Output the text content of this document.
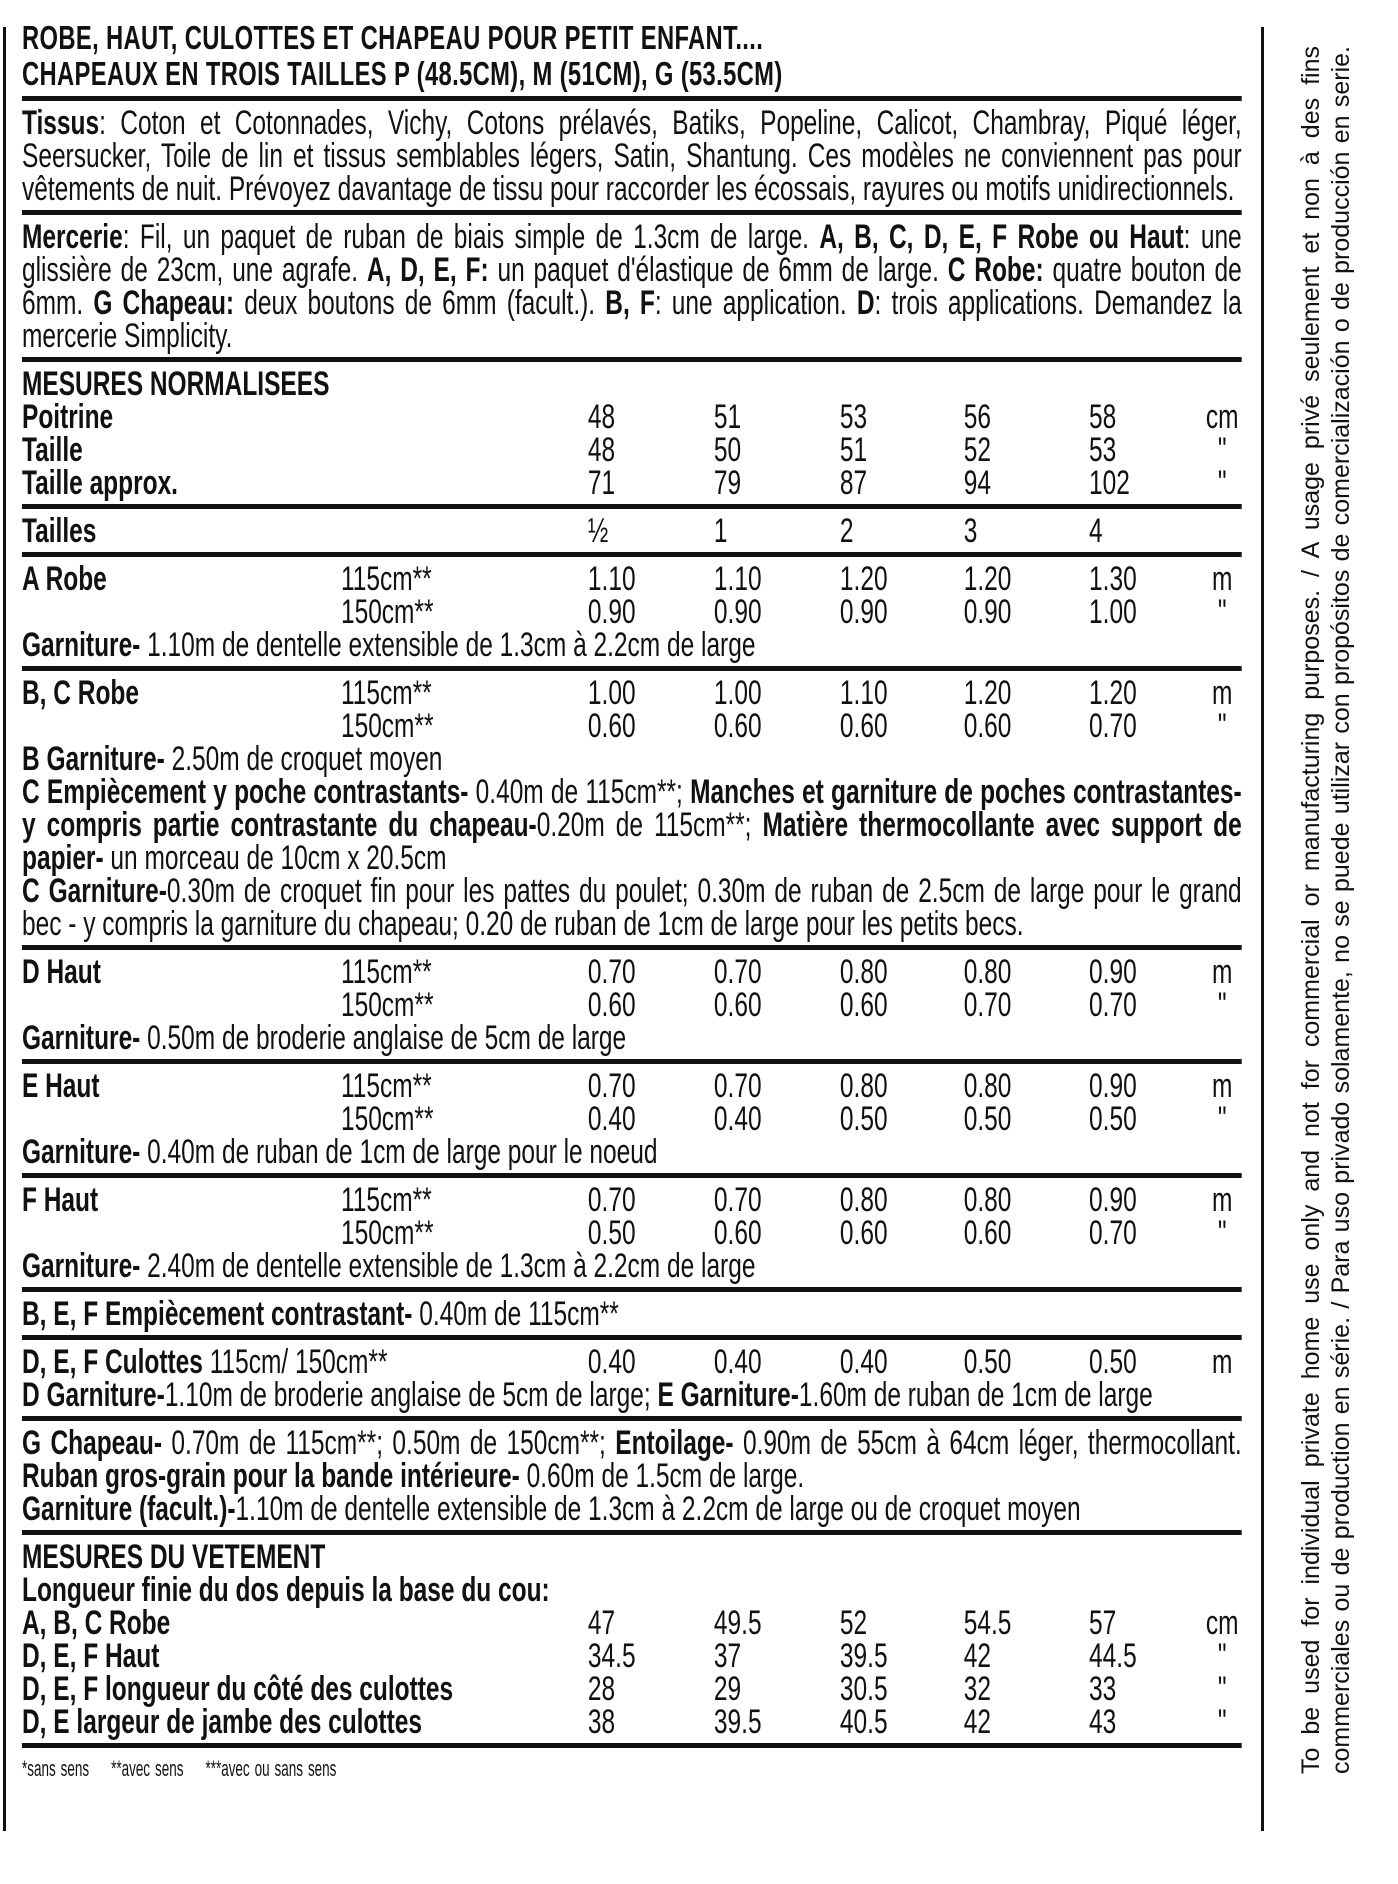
ROBE, HAUT, CULOTTES ET CHAPEAU POUR PETIT ENFANT....
CHAPEAUX EN TROIS TAILLES P (48.5CM), M (51CM), G (53.5CM)
Tissus: Coton et Cotonnades, Vichy, Cotons prélavés, Batiks, Popeline, Calicot, Chambray, Piqué léger, Seersucker, Toile de lin et tissus semblables légers, Satin, Shantung. Ces modèles ne conviennent pas pour vêtements de nuit. Prévoyez davantage de tissu pour raccorder les écossais, rayures ou motifs unidirectionnels.
Mercerie: Fil, un paquet de ruban de biais simple de 1.3cm de large. A, B, C, D, E, F Robe ou Haut: une glissière de 23cm, une agrafe. A, D, E, F: un paquet d'élastique de 6mm de large. C Robe: quatre bouton de 6mm. G Chapeau: deux boutons de 6mm (facult.). B, F: une application. D: trois applications. Demandez la mercerie Simplicity.
MESURES NORMALISEES
Poitrine	48	51	53	56	58	cm
Taille	48	50	51	52	53	"
Taille approx.	71	79	87	94	102	"
Tailles	½	1	2	3	4
A Robe	115cm**	1.10 1.10 1.20 1.20 1.30	m
150cm**	0.90 0.90 0.90 0.90 1.00	"
Garniture- 1.10m de dentelle extensible de 1.3cm à 2.2cm de large
B, C Robe	115cm**	1.00 1.00 1.10 1.20 1.20	m
150cm**	0.60 0.60 0.60 0.60 0.70	"
B Garniture- 2.50m de croquet moyen
C Empiècement y poche contrastants- 0.40m de 115cm**; Manches et garniture de poches contrastantes- y compris partie contrastante du chapeau-0.20m de 115cm**; Matière thermocollante avec support de papier- un morceau de 10cm x 20.5cm
C Garniture-0.30m de croquet fin pour les pattes du poulet; 0.30m de ruban de 2.5cm de large pour le grand bec - y compris la garniture du chapeau; 0.20 de ruban de 1cm de large pour les petits becs.
D Haut	115cm**	0.70 0.70 0.80 0.80 0.90	m
150cm**	0.60 0.60 0.60 0.70 0.70	"
Garniture- 0.50m de broderie anglaise de 5cm de large
E Haut	115cm**	0.70 0.70 0.80 0.80 0.90	m
150cm**	0.40 0.40 0.50 0.50 0.50	"
Garniture- 0.40m de ruban de 1cm de large pour le noeud
F Haut	115cm**	0.70 0.70 0.80 0.80 0.90	m
150cm**	0.50 0.60 0.60 0.60 0.70	"
Garniture- 2.40m de dentelle extensible de 1.3cm à 2.2cm de large
B, E, F Empiècement contrastant- 0.40m de 115cm**
D, E, F Culottes 115cm/ 150cm**	0.40 0.40 0.40 0.50 0.50	m
D Garniture-1.10m de broderie anglaise de 5cm de large; E Garniture-1.60m de ruban de 1cm de large
G Chapeau- 0.70m de 115cm**; 0.50m de 150cm**; Entoilage- 0.90m de 55cm à 64cm léger, thermocollant. Ruban gros-grain pour la bande intérieure- 0.60m de 1.5cm de large.
Garniture (facult.)-1.10m de dentelle extensible de 1.3cm à 2.2cm de large ou de croquet moyen
MESURES DU VETEMENT
Longueur finie du dos depuis la base du cou:
A, B, C Robe	47	49.5 52	54.5 57	cm
D, E, F Haut	34.5 37	39.5 42	44.5	"
D, E, F longueur du côté des culottes	28	29	30.5 32	33	"
D, E largeur de jambe des culottes	38	39.5 40.5 42	43	"
*sans sens **avec sens ***avec ou sans sens	To be used for individual private home use only and not for commercial or manufacturing purposes. / A usage privé seulement et non à des fins commerciales ou de production en série. / Para uso privado solamente, no se puede utilizar con propósitos de comercialización o de producción en serie.
